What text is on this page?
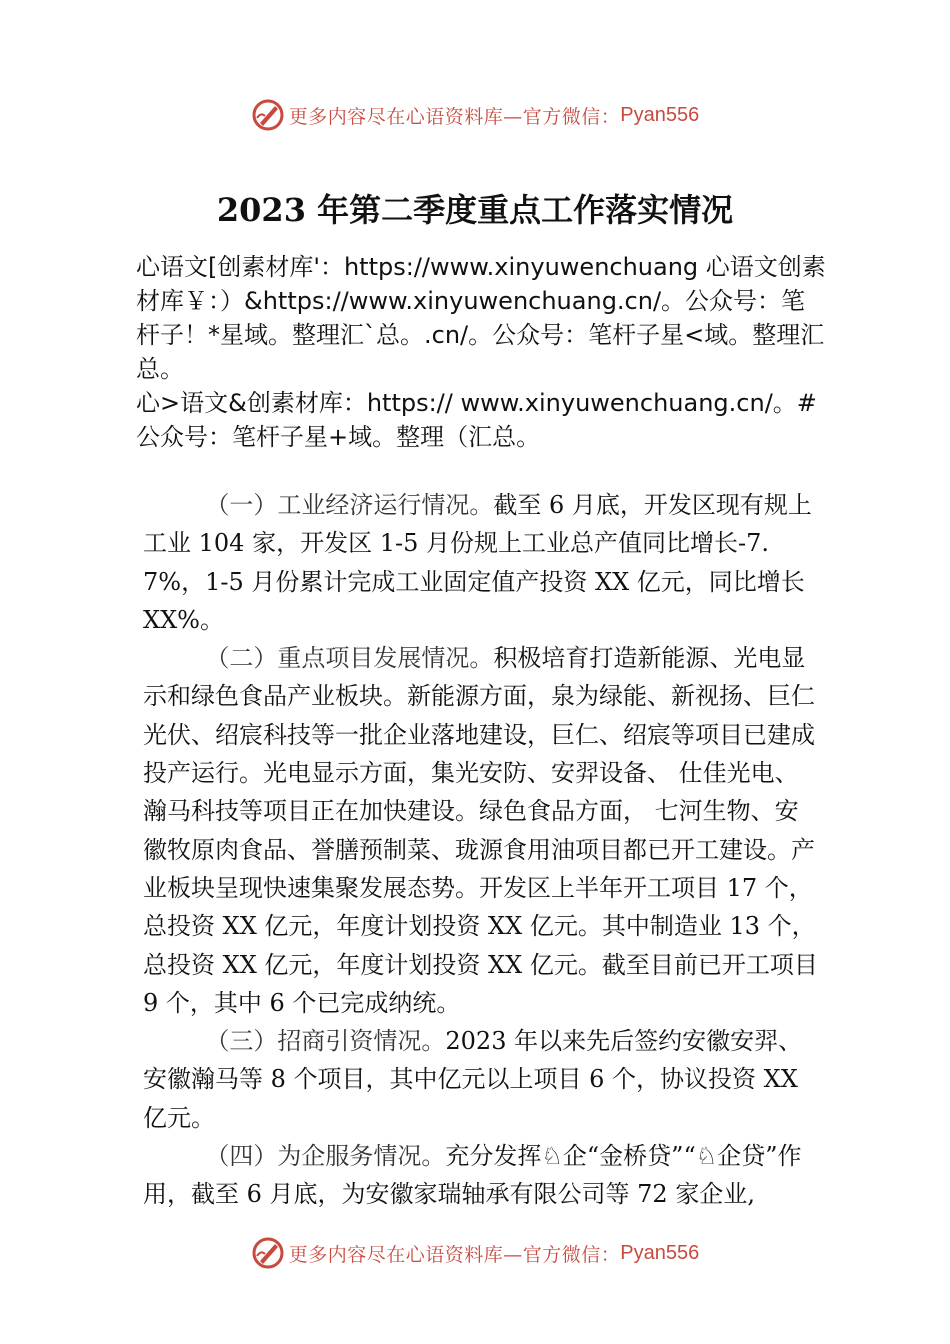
更多内容尽在心语资料库—官方微信： Pyan556
2023 年第二季度重点工作落实情况

心语文[创素材库'：https://www.xinyuwenchuang 心语文创素材库￥：）&https://www.xinyuwenchuang.cn/。公众号：笔杆子！*星域。整理汇`总。.cn/。公众号：笔杆子星<域。整理汇总。

心>语文&创素材库：https:// www.xinyuwenchuang.cn/。#公众号：笔杆子星+域。整理（汇总。

（一）工业经济运行情况。截至 6 月底，开发区现有规上工业 104 家，开发区 1-5 月份规上工业总产值同比增长-7.7%，1-5 月份累计完成工业固定值产投资 XX 亿元，同比增长 XX%。

（二）重点项目发展情况。积极培育打造新能源、光电显示和绿色食品产业板块。新能源方面，泉为绿能、新视扬、巨仁光伏、绍宸科技等一批企业落地建设，巨仁、绍宸等项目已建成投产运行。光电显示方面，集光安防、安羿设备、 仕佳光电、瀚马科技等项目正在加快建设。绿色食品方面， 七河生物、安徽牧原肉食品、誉膳预制菜、珑源食用油项目都已开工建设。产业板块呈现快速集聚发展态势。开发区上半年开工项目 17 个，总投资 XX 亿元，年度计划投资 XX 亿元。其中制造业 13 个，总投资 XX 亿元，年度计划投资 XX 亿元。截至目前已开工项目 9 个，其中 6 个已完成纳统。

（三）招商引资情况。2023 年以来先后签约安徽安羿、安徽瀚马等 8 个项目，其中亿元以上项目 6 个，协议投资 XX 亿元。

（四）为企服务情况。充分发挥♘企“金桥贷”“♘企贷”作用，截至 6 月底，为安徽家瑞轴承有限公司等 72 家企业,

更多内容尽在心语资料库—官方微信： Pyan556
